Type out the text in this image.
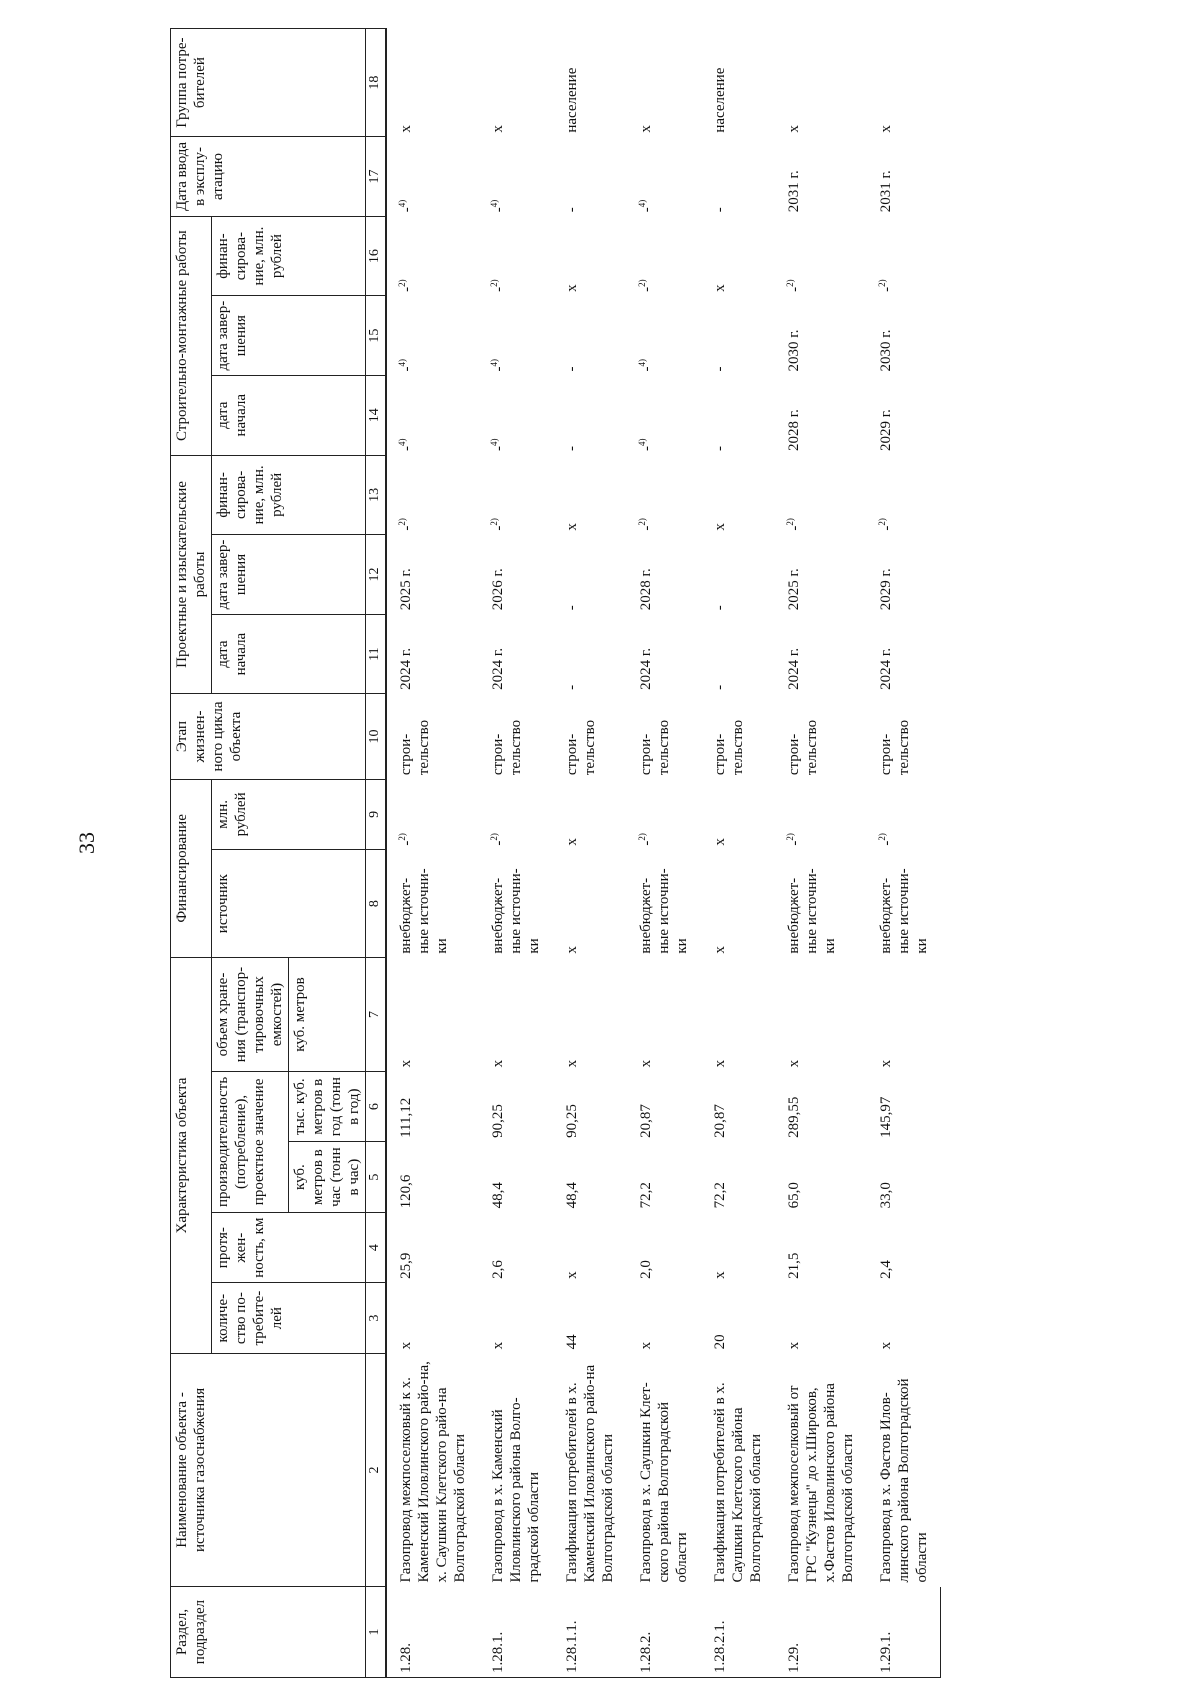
33
Раздел, подраздел	Наименование объекта - источника газоснабжения	Характеристика объекта					Финансирование		Этап жизнен-ного цикла объекта	Проектные и изыскательские работы			Строительно-монтажные работы			Дата ввода в эксплу-атацию	Группа потре-бителей
		количе-ство по-требите-лей	протя-жен-ность, км	производительность (потребление), проектное значение		объем хране-ния (транспор-тировочных емкостей)	источник	млн. рублей		дата начала	дата завер-шения	финан-сирова-ние, млн. рублей	дата начала	дата завер-шения	финан-сирова-ние, млн. рублей		
				куб. метров в час (тонн в час)	тыс. куб. метров в год (тонн в год)	куб. метров											
1	2	3	4	5	6	7	8	9	10	11	12	13	14	15	16	17	18
1.28.	Газопровод межпоселковый к х. Каменский Иловлинского райо-на, х. Саушкин Клетского райо-на Волгоградской области	х	25,9	120,6	111,12	х	внебюджет-ные источни-ки	-$^{2)}$	строи-тельство	2024 г.	2025 г.	-$^{2)}$	-$^{4)}$	-$^{4)}$	-$^{2)}$	-$^{4)}$	х
1.28.1.	Газопровод в х. Каменский Иловлинского района Волго-градской области	х	2,6	48,4	90,25	х	внебюджет-ные источни-ки	-$^{2)}$	строи-тельство	2024 г.	2026 г.	-$^{2)}$	-$^{4)}$	-$^{4)}$	-$^{2)}$	-$^{4)}$	х
1.28.1.1.	Газификация потребителей в х. Каменский Иловлинского райо-на Волгоградской области	44	х	48,4	90,25	х	х	х	строи-тельство	-	-	х	-	-	х	-	население
1.28.2.	Газопровод в х. Саушкин Клет-ского района Волгоградской области	х	2,0	72,2	20,87	х	внебюджет-ные источни-ки	-$^{2)}$	строи-тельство	2024 г.	2028 г.	-$^{2)}$	-$^{4)}$	-$^{4)}$	-$^{2)}$	-$^{4)}$	х
1.28.2.1.	Газификация потребителей в х. Саушкин Клетского района Волгоградской области	20	х	72,2	20,87	х	х	х	строи-тельство	-	-	х	-	-	х	-	население
1.29.	Газопровод межпоселковый от ГРС "Кузнецы" до х.Широков, х.Фастов Иловлинского района Волгоградской области	х	21,5	65,0	289,55	х	внебюджет-ные источни-ки	-$^{2)}$	строи-тельство	2024 г.	2025 г.	-$^{2)}$	2028 г.	2030 г.	-$^{2)}$	2031 г.	х
1.29.1.	Газопровод в х. Фастов Илов-линского района Волгоградской области	х	2,4	33,0	145,97	х	внебюджет-ные источни-ки	-$^{2)}$	строи-тельство	2024 г.	2029 г.	-$^{2)}$	2029 г.	2030 г.	-$^{2)}$	2031 г.	х
